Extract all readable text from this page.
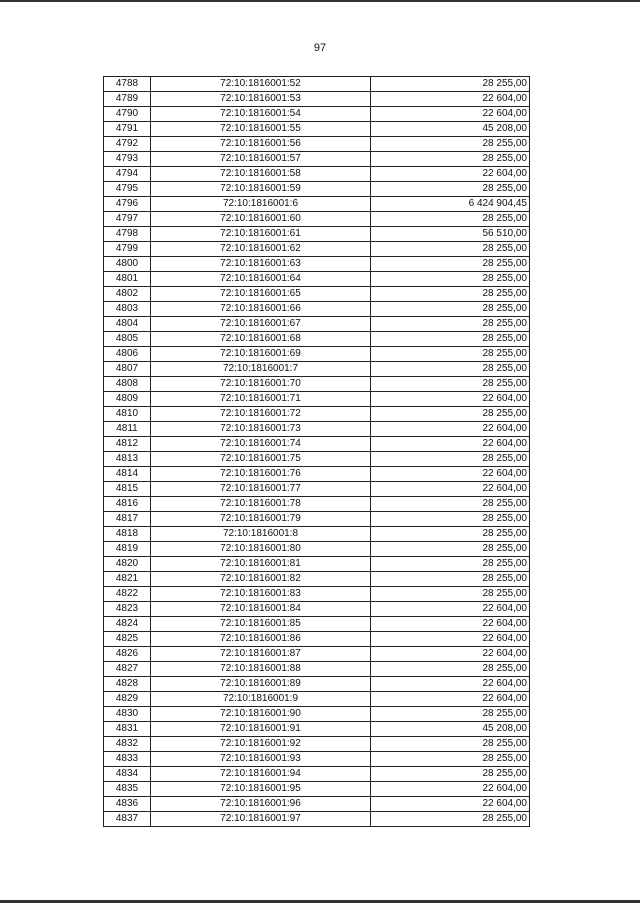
97
4788	72:10:1816001:52	28 255,00
4789	72:10:1816001:53	22 604,00
4790	72:10:1816001:54	22 604,00
4791	72:10:1816001:55	45 208,00
4792	72:10:1816001:56	28 255,00
4793	72:10:1816001:57	28 255,00
4794	72:10:1816001:58	22 604,00
4795	72:10:1816001:59	28 255,00
4796	72:10:1816001:6	6 424 904,45
4797	72:10:1816001:60	28 255,00
4798	72:10:1816001:61	56 510,00
4799	72:10:1816001:62	28 255,00
4800	72:10:1816001:63	28 255,00
4801	72:10:1816001:64	28 255,00
4802	72:10:1816001:65	28 255,00
4803	72:10:1816001:66	28 255,00
4804	72:10:1816001:67	28 255,00
4805	72:10:1816001:68	28 255,00
4806	72:10:1816001:69	28 255,00
4807	72:10:1816001:7	28 255,00
4808	72:10:1816001:70	28 255,00
4809	72:10:1816001:71	22 604,00
4810	72:10:1816001:72	28 255,00
4811	72:10:1816001:73	22 604,00
4812	72:10:1816001:74	22 604,00
4813	72:10:1816001:75	28 255,00
4814	72:10:1816001:76	22 604,00
4815	72:10:1816001:77	22 604,00
4816	72:10:1816001:78	28 255,00
4817	72:10:1816001:79	28 255,00
4818	72:10:1816001:8	28 255,00
4819	72:10:1816001:80	28 255,00
4820	72:10:1816001:81	28 255,00
4821	72:10:1816001:82	28 255,00
4822	72:10:1816001:83	28 255,00
4823	72:10:1816001:84	22 604,00
4824	72:10:1816001:85	22 604,00
4825	72:10:1816001:86	22 604,00
4826	72:10:1816001:87	22 604,00
4827	72:10:1816001:88	28 255,00
4828	72:10:1816001:89	22 604,00
4829	72:10:1816001:9	22 604,00
4830	72:10:1816001:90	28 255,00
4831	72:10:1816001:91	45 208,00
4832	72:10:1816001:92	28 255,00
4833	72:10:1816001:93	28 255,00
4834	72:10:1816001:94	28 255,00
4835	72:10:1816001:95	22 604,00
4836	72:10:1816001:96	22 604,00
4837	72:10:1816001:97	28 255,00
